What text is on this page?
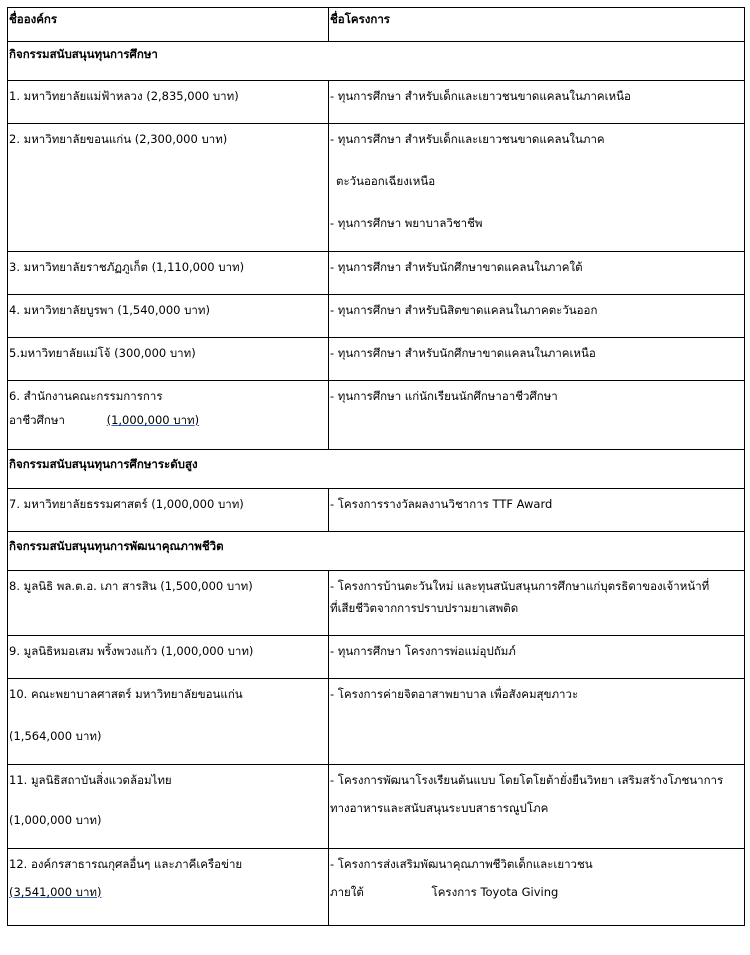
ชื่อองค์กร	ชื่อโครงการ

กิจกรรมสนับสนุนทุนการศึกษา	

1. มหาวิทยาลัยแม่ฟ้าหลวง (2,835,000 บาท)	- ทุนการศึกษา สำหรับเด็กและเยาวชนขาดแคลนในภาคเหนือ

2. มหาวิทยาลัยขอนแก่น (2,300,000 บาท)	- ทุนการศึกษา สำหรับเด็กและเยาวชนขาดแคลนในภาค
ตะวันออกเฉียงเหนือ
- ทุนการศึกษา พยาบาลวิชาชีพ

3. มหาวิทยาลัยราชภัฏภูเก็ต (1,110,000 บาท)	- ทุนการศึกษา สำหรับนักศึกษาขาดแคลนในภาคใต้

4. มหาวิทยาลัยบูรพา (1,540,000 บาท)	- ทุนการศึกษา สำหรับนิสิตขาดแคลนในภาคตะวันออก

5.มหาวิทยาลัยแม่โจ้ (300,000 บาท)	- ทุนการศึกษา สำหรับนักศึกษาขาดแคลนในภาคเหนือ

6. สำนักงานคณะกรรมการการ
อาชีวศึกษา (1,000,000 บาท)	- ทุนการศึกษา แก่นักเรียนนักศึกษาอาชีวศึกษา

กิจกรรมสนับสนุนทุนการศึกษาระดับสูง	

7. มหาวิทยาลัยธรรมศาสตร์ (1,000,000 บาท)	- โครงการรางวัลผลงานวิชาการ TTF Award

กิจกรรมสนับสนุนทุนการพัฒนาคุณภาพชีวิต	

8. มูลนิธิ พล.ต.อ. เภา สารสิน (1,500,000 บาท)	- โครงการบ้านตะวันใหม่ และทุนสนับสนุนการศึกษาแก่บุตรธิดาของเจ้าหน้าที่
ที่เสียชีวิตจากการปราบปรามยาเสพติด

9. มูลนิธิหมอเสม พริ้งพวงแก้ว (1,000,000 บาท)	- ทุนการศึกษา โครงการพ่อแม่อุปถัมภ์

10. คณะพยาบาลศาสตร์ มหาวิทยาลัยขอนแก่น
(1,564,000 บาท)	- โครงการค่ายจิตอาสาพยาบาล เพื่อสังคมสุขภาวะ

11. มูลนิธิสถาบันสิ่งแวดล้อมไทย
(1,000,000 บาท)	- โครงการพัฒนาโรงเรียนต้นแบบ โดยโตโยต้ายั่งยืนวิทยา เสริมสร้างโภชนาการ
ทางอาหารและสนับสนุนระบบสาธารณูปโภค

12. องค์กรสาธารณกุศลอื่นๆ และภาคีเครือข่าย
(3,541,000 บาท)	- โครงการส่งเสริมพัฒนาคุณภาพชีวิตเด็กและเยาวชน
ภายใต้ โครงการ Toyota Giving
